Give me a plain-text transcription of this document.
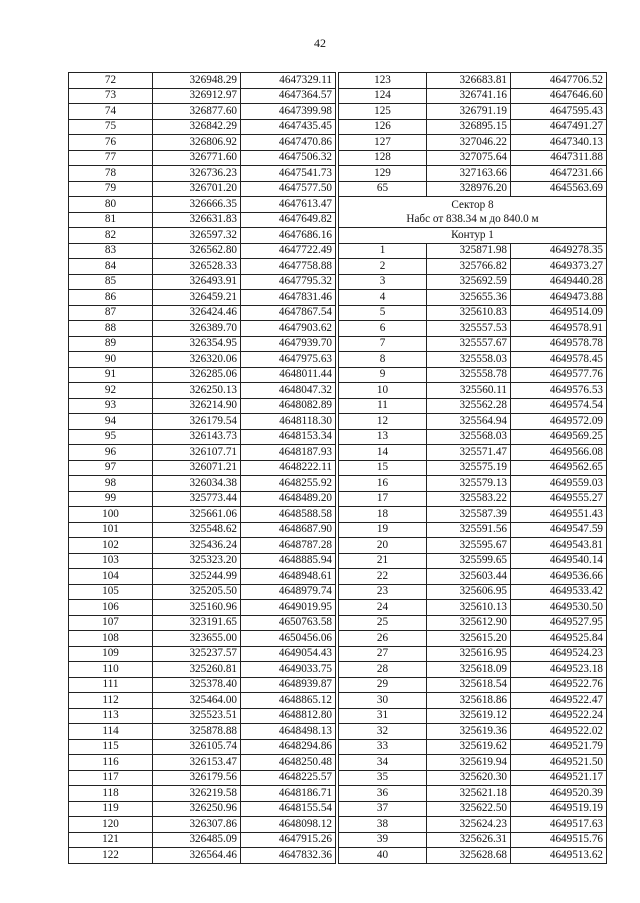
42
72	326948.29	4647329.11
73	326912.97	4647364.57
74	326877.60	4647399.98
75	326842.29	4647435.45
76	326806.92	4647470.86
77	326771.60	4647506.32
78	326736.23	4647541.73
79	326701.20	4647577.50
80	326666.35	4647613.47
81	326631.83	4647649.82
82	326597.32	4647686.16
83	326562.80	4647722.49
84	326528.33	4647758.88
85	326493.91	4647795.32
86	326459.21	4647831.46
87	326424.46	4647867.54
88	326389.70	4647903.62
89	326354.95	4647939.70
90	326320.06	4647975.63
91	326285.06	4648011.44
92	326250.13	4648047.32
93	326214.90	4648082.89
94	326179.54	4648118.30
95	326143.73	4648153.34
96	326107.71	4648187.93
97	326071.21	4648222.11
98	326034.38	4648255.92
99	325773.44	4648489.20
100	325661.06	4648588.58
101	325548.62	4648687.90
102	325436.24	4648787.28
103	325323.20	4648885.94
104	325244.99	4648948.61
105	325205.50	4648979.74
106	325160.96	4649019.95
107	323191.65	4650763.58
108	323655.00	4650456.06
109	325237.57	4649054.43
110	325260.81	4649033.75
111	325378.40	4648939.87
112	325464.00	4648865.12
113	325523.51	4648812.80
114	325878.88	4648498.13
115	326105.74	4648294.86
116	326153.47	4648250.48
117	326179.56	4648225.57
118	326219.58	4648186.71
119	326250.96	4648155.54
120	326307.86	4648098.12
121	326485.09	4647915.26
122	326564.46	4647832.36
123	326683.81	4647706.52
124	326741.16	4647646.60
125	326791.19	4647595.43
126	326895.15	4647491.27
127	327046.22	4647340.13
128	327075.64	4647311.88
129	327163.66	4647231.66
65	328976.20	4645563.69

Сектор 8
Набс от 838.34 м до 840.0 м		

Контур 1		
1	325871.98	4649278.35
2	325766.82	4649373.27
3	325692.59	4649440.28
4	325655.36	4649473.88
5	325610.83	4649514.09
6	325557.53	4649578.91
7	325557.67	4649578.78
8	325558.03	4649578.45
9	325558.78	4649577.76
10	325560.11	4649576.53
11	325562.28	4649574.54
12	325564.94	4649572.09
13	325568.03	4649569.25
14	325571.47	4649566.08
15	325575.19	4649562.65
16	325579.13	4649559.03
17	325583.22	4649555.27
18	325587.39	4649551.43
19	325591.56	4649547.59
20	325595.67	4649543.81
21	325599.65	4649540.14
22	325603.44	4649536.66
23	325606.95	4649533.42
24	325610.13	4649530.50
25	325612.90	4649527.95
26	325615.20	4649525.84
27	325616.95	4649524.23
28	325618.09	4649523.18
29	325618.54	4649522.76
30	325618.86	4649522.47
31	325619.12	4649522.24
32	325619.36	4649522.02
33	325619.62	4649521.79
34	325619.94	4649521.50
35	325620.30	4649521.17
36	325621.18	4649520.39
37	325622.50	4649519.19
38	325624.23	4649517.63
39	325626.31	4649515.76
40	325628.68	4649513.62
